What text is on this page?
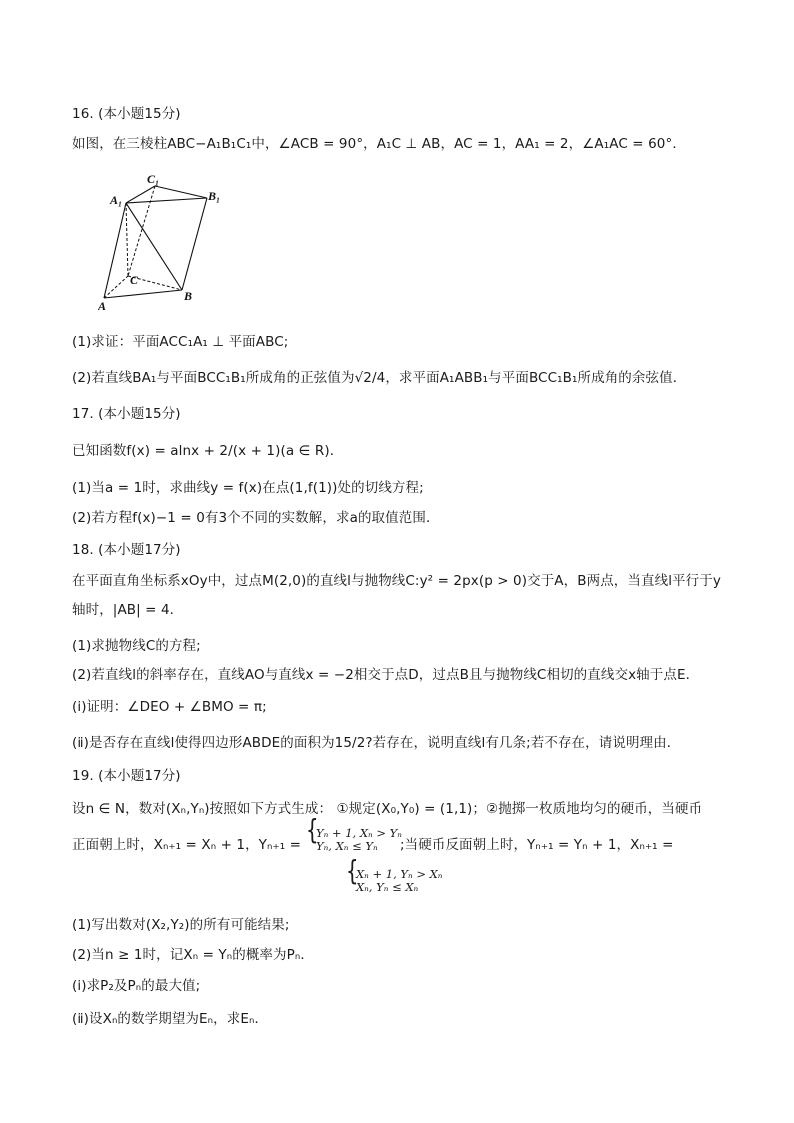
16. (本小题15分)
如图，在三棱柱ABC−A₁B₁C₁中，∠ACB = 90°，A₁C ⊥ AB，AC = 1，AA₁ = 2，∠A₁AC = 60°．
A₁
C₁
B₁
C
A
B
(1)求证：平面ACC₁A₁ ⊥ 平面ABC;
(2)若直线BA₁与平面BCC₁B₁所成角的正弦值为√2/4，求平面A₁ABB₁与平面BCC₁B₁所成角的余弦值．
17. (本小题15分)
已知函数f(x) = alnx + 2/(x + 1)(a ∈ R)．
(1)当a = 1时，求曲线y = f(x)在点(1,f(1))处的切线方程;
(2)若方程f(x)−1 = 0有3个不同的实数解，求a的取值范围．
18. (本小题17分)
在平面直角坐标系xOy中，过点M(2,0)的直线l与抛物线C:y² = 2px(p > 0)交于A，B两点，当直线l平行于y
轴时，|AB| = 4．
(1)求抛物线C的方程;
(2)若直线l的斜率存在，直线AO与直线x = −2相交于点D，过点B且与抛物线C相切的直线交x轴于点E．
(ⅰ)证明：∠DEO + ∠BMO = π;
(ⅱ)是否存在直线l使得四边形ABDE的面积为15/2?若存在，说明直线l有几条;若不存在，请说明理由．
19. (本小题17分)
设n ∈ N，数对(Xₙ,Yₙ)按照如下方式生成： ①规定(X₀,Y₀) = (1,1)；②抛掷一枚质地均匀的硬币，当硬币
正面朝上时，Xₙ₊₁ = Xₙ + 1，Yₙ₊₁ = {
Yₙ + 1, Xₙ > Yₙ
Yₙ, Xₙ ≤ Yₙ	;当硬币反面朝上时，Yₙ₊₁ = Yₙ + 1，Xₙ₊₁ =
{
Xₙ + 1, Yₙ > Xₙ
Xₙ, Yₙ ≤ Xₙ
(1)写出数对(X₂,Y₂)的所有可能结果;
(2)当n ≥ 1时，记Xₙ = Yₙ的概率为Pₙ．
(ⅰ)求P₂及Pₙ的最大值;
(ⅱ)设Xₙ的数学期望为Eₙ，求Eₙ．
